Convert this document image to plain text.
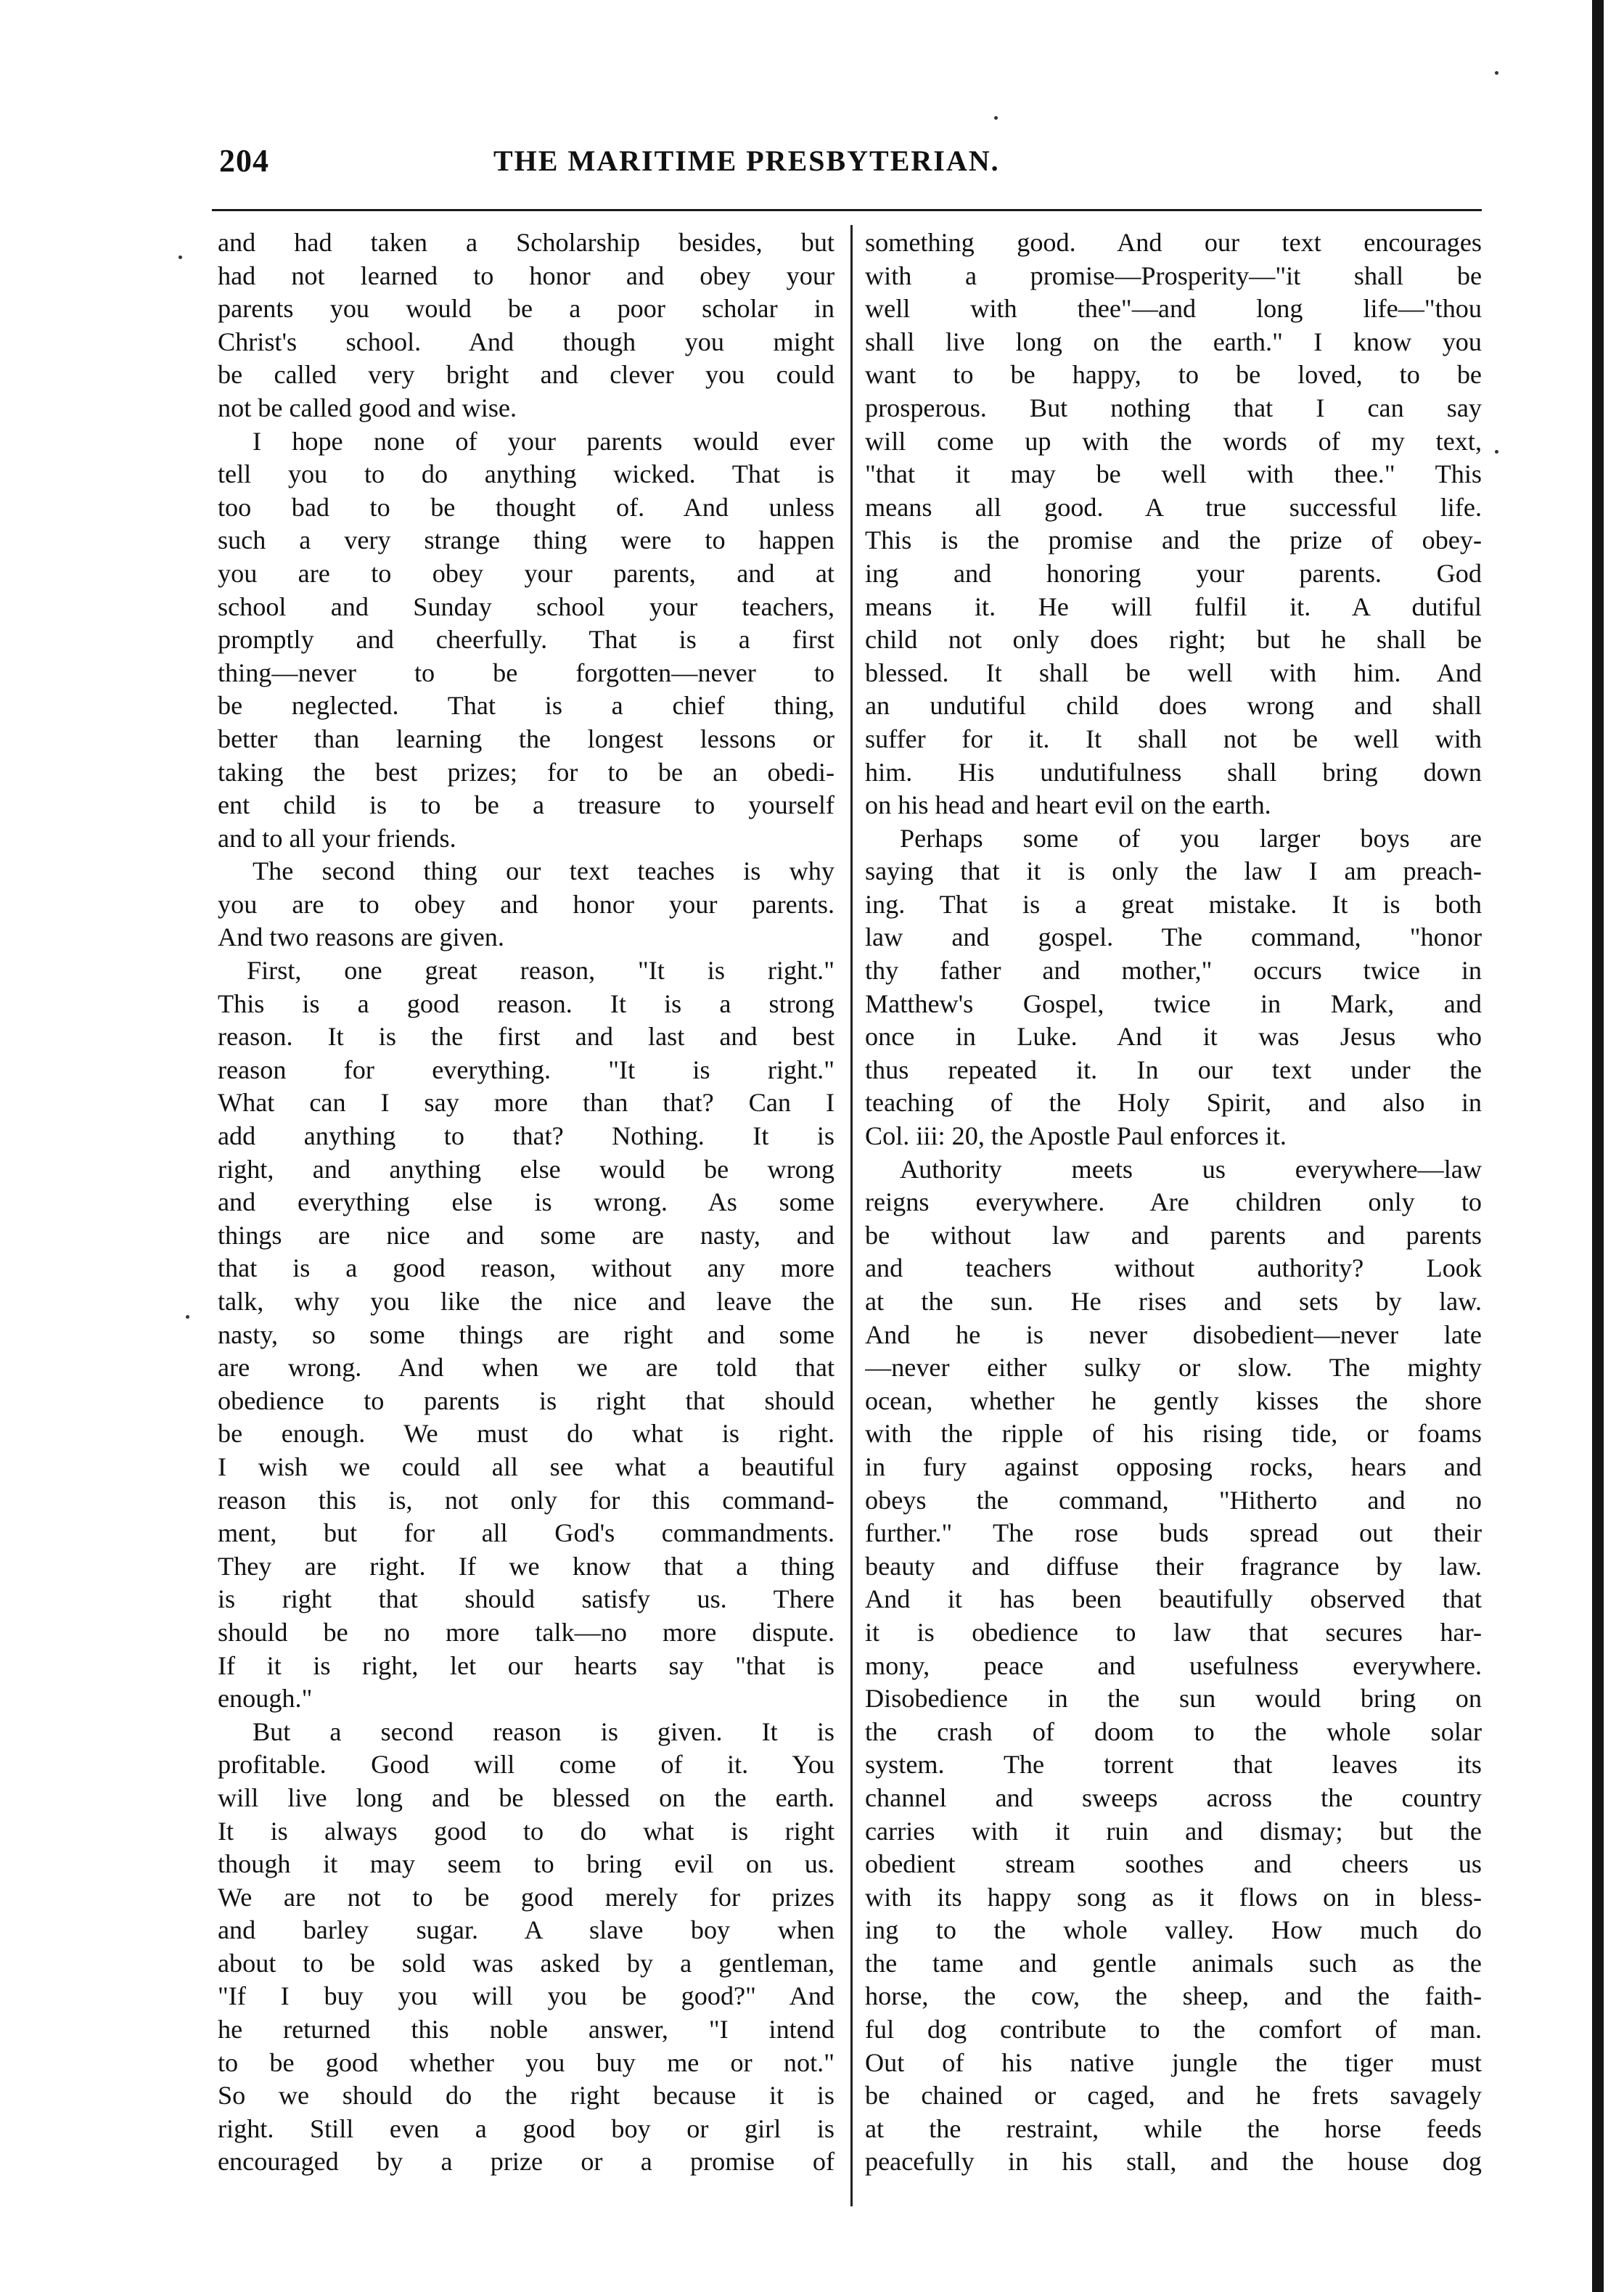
204	THE MARITIME PRESBYTERIAN.
and had taken a Scholarship besides, but
had not learned to honor and obey your
parents you would be a poor scholar in
Christ's school. And though you might
be called very bright and clever you could
not be called good and wise.
I hope none of your parents would ever
tell you to do anything wicked. That is
too bad to be thought of. And unless
such a very strange thing were to happen
you are to obey your parents, and at
school and Sunday school your teachers,
promptly and cheerfully. That is a first
thing—never to be forgotten—never to
be neglected. That is a chief thing,
better than learning the longest lessons or
taking the best prizes; for to be an obedi-
ent child is to be a treasure to yourself
and to all your friends.
The second thing our text teaches is why
you are to obey and honor your parents.
And two reasons are given.
First, one great reason, "It is right."
This is a good reason. It is a strong
reason. It is the first and last and best
reason for everything. "It is right."
What can I say more than that? Can I
add anything to that? Nothing. It is
right, and anything else would be wrong
and everything else is wrong. As some
things are nice and some are nasty, and
that is a good reason, without any more
talk, why you like the nice and leave the
nasty, so some things are right and some
are wrong. And when we are told that
obedience to parents is right that should
be enough. We must do what is right.
I wish we could all see what a beautiful
reason this is, not only for this command-
ment, but for all God's commandments.
They are right. If we know that a thing
is right that should satisfy us. There
should be no more talk—no more dispute.
If it is right, let our hearts say "that is
enough."
But a second reason is given. It is
profitable. Good will come of it. You
will live long and be blessed on the earth.
It is always good to do what is right
though it may seem to bring evil on us.
We are not to be good merely for prizes
and barley sugar. A slave boy when
about to be sold was asked by a gentleman,
"If I buy you will you be good?" And
he returned this noble answer, "I intend
to be good whether you buy me or not."
So we should do the right because it is
right. Still even a good boy or girl is
encouraged by a prize or a promise of
something good. And our text encourages
with a promise—Prosperity—"it shall be
well with thee"—and long life—"thou
shall live long on the earth." I know you
want to be happy, to be loved, to be
prosperous. But nothing that I can say
will come up with the words of my text,
"that it may be well with thee." This
means all good. A true successful life.
This is the promise and the prize of obey-
ing and honoring your parents. God
means it. He will fulfil it. A dutiful
child not only does right; but he shall be
blessed. It shall be well with him. And
an undutiful child does wrong and shall
suffer for it. It shall not be well with
him. His undutifulness shall bring down
on his head and heart evil on the earth.
Perhaps some of you larger boys are
saying that it is only the law I am preach-
ing. That is a great mistake. It is both
law and gospel. The command, "honor
thy father and mother," occurs twice in
Matthew's Gospel, twice in Mark, and
once in Luke. And it was Jesus who
thus repeated it. In our text under the
teaching of the Holy Spirit, and also in
Col. iii: 20, the Apostle Paul enforces it.
Authority meets us everywhere—law
reigns everywhere. Are children only to
be without law and parents and parents
and teachers without authority? Look
at the sun. He rises and sets by law.
And he is never disobedient—never late
—never either sulky or slow. The mighty
ocean, whether he gently kisses the shore
with the ripple of his rising tide, or foams
in fury against opposing rocks, hears and
obeys the command, "Hitherto and no
further." The rose buds spread out their
beauty and diffuse their fragrance by law.
And it has been beautifully observed that
it is obedience to law that secures har-
mony, peace and usefulness everywhere.
Disobedience in the sun would bring on
the crash of doom to the whole solar
system. The torrent that leaves its
channel and sweeps across the country
carries with it ruin and dismay; but the
obedient stream soothes and cheers us
with its happy song as it flows on in bless-
ing to the whole valley. How much do
the tame and gentle animals such as the
horse, the cow, the sheep, and the faith-
ful dog contribute to the comfort of man.
Out of his native jungle the tiger must
be chained or caged, and he frets savagely
at the restraint, while the horse feeds
peacefully in his stall, and the house dog
